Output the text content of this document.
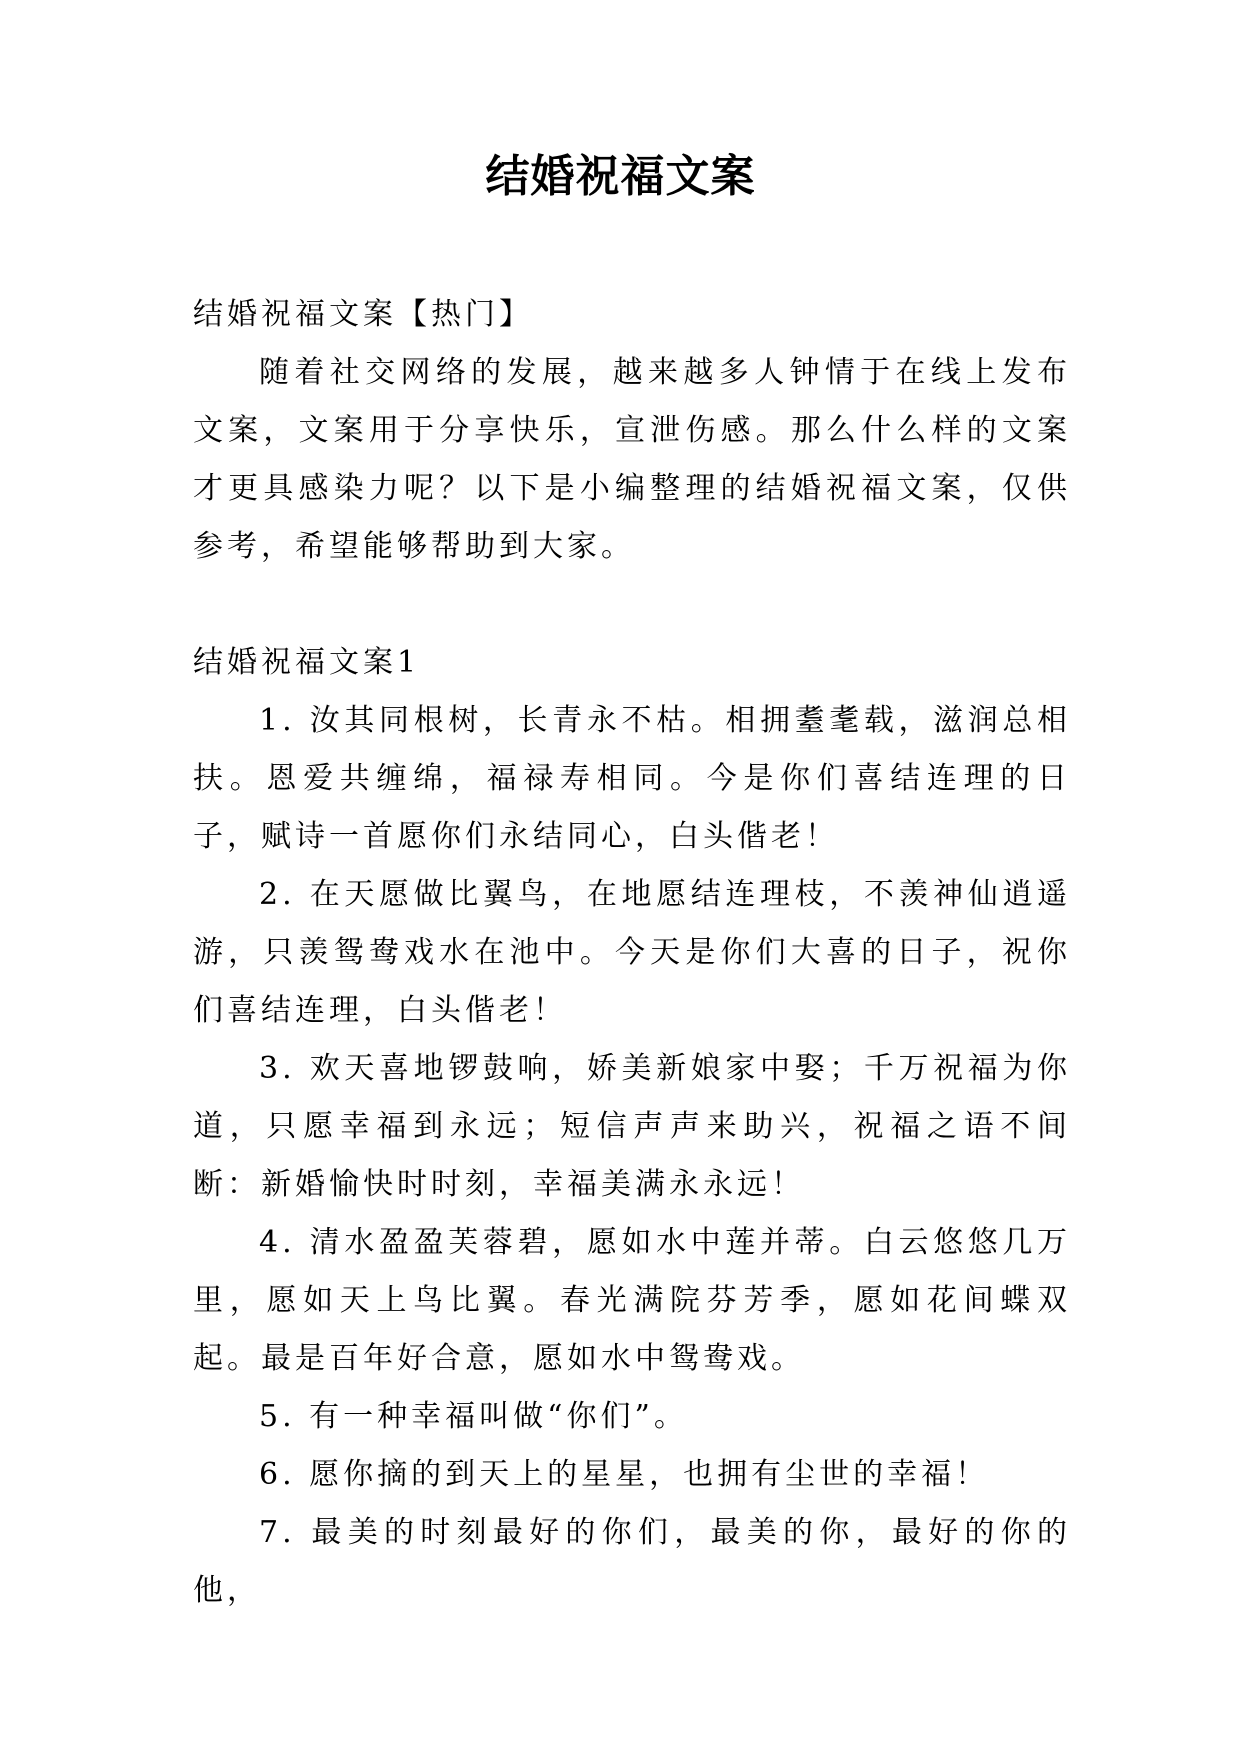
结婚祝福文案

结婚祝福文案【热门】

随着社交网络的发展，越来越多人钟情于在线上发布文案，文案用于分享快乐，宣泄伤感。那么什么样的文案才更具感染力呢？以下是小编整理的结婚祝福文案，仅供参考，希望能够帮助到大家。

结婚祝福文案1

1. 汝其同根树，长青永不枯。相拥耋耄载，滋润总相扶。恩爱共缠绵，福禄寿相同。今是你们喜结连理的日子，赋诗一首愿你们永结同心，白头偕老！

2. 在天愿做比翼鸟，在地愿结连理枝，不羡神仙逍遥游，只羡鸳鸯戏水在池中。今天是你们大喜的日子，祝你们喜结连理，白头偕老！

3. 欢天喜地锣鼓响，娇美新娘家中娶；千万祝福为你道，只愿幸福到永远；短信声声来助兴，祝福之语不间断：新婚愉快时时刻，幸福美满永永远！

4. 清水盈盈芙蓉碧，愿如水中莲并蒂。白云悠悠几万里，愿如天上鸟比翼。春光满院芬芳季，愿如花间蝶双起。最是百年好合意，愿如水中鸳鸯戏。

5. 有一种幸福叫做“你们”。

6. 愿你摘的到天上的星星，也拥有尘世的幸福！

7. 最美的时刻最好的你们，最美的你，最好的你的他，
